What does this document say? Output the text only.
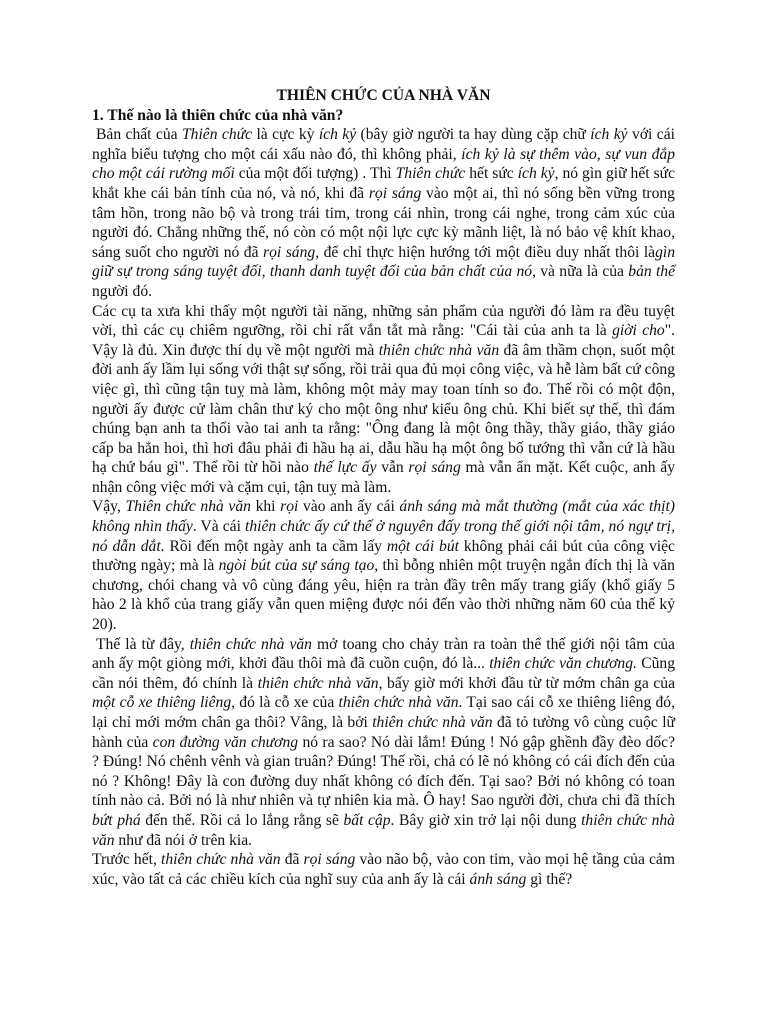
THIÊN CHỨC CỦA NHÀ VĂN
1. Thế nào là thiên chức của nhà văn?

Bản chất của Thiên chức là cực kỳ ích kỷ (bây giờ người ta hay dùng cặp chữ ích kỷ với cái nghĩa biểu tượng cho một cái xấu nào đó, thì không phải, ích kỷ là sự thêm vào, sự vun đắp cho một cái rường mối của một đối tượng) . Thì Thiên chức hết sức ích kỷ, nó gìn giữ hết sức khắt khe cái bản tính của nó, và nó, khi đã rọi sáng vào một ai, thì nó sống bền vững trong tâm hồn, trong não bộ và trong trái tim, trong cái nhìn, trong cái nghe, trong cảm xúc của người đó. Chẳng những thế, nó còn có một nội lực cực kỳ mãnh liệt, là nó bảo vệ khít khao, sáng suốt cho người nó đã rọi sáng, để chỉ thực hiện hướng tới một điều duy nhất thôi làgìn giữ sự trong sáng tuyệt đối, thanh danh tuyệt đối của bản chất của nó, và nữa là của bản thể người đó.

Các cụ ta xưa khi thấy một người tài năng, những sản phẩm của người đó làm ra đều tuyệt vời, thì các cụ chiêm ngưỡng, rồi chỉ rất vắn tắt mà rằng: "Cái tài của anh ta là giời cho". Vậy là đủ. Xin được thí dụ về một người mà thiên chức nhà văn đã âm thầm chọn, suốt một đời anh ấy lầm lụi sống với thật sự sống, rồi trải qua đủ mọi công việc, và hễ làm bất cứ công việc gì, thì cũng tận tuỵ mà làm, không một mảy may toan tính so đo. Thế rồi có một độn, người ấy được cử làm chân thư ký cho một ông như kiểu ông chủ. Khi biết sự thế, thì đám chúng bạn anh ta thổi vào tai anh ta rằng: "Ông đang là một ông thầy, thầy giáo, thầy giáo cấp ba hẳn hoi, thì hơi đâu phải đi hầu hạ ai, dẫu hầu hạ một ông bố tướng thì vẫn cứ là hầu hạ chứ báu gì". Thế rồi từ hồi nào thế lực ấy vẫn rọi sáng mà vẫn ẩn mặt. Kết cuộc, anh ấy nhận công việc mới và cặm cụi, tận tuỵ mà làm.

Vậy, Thiên chức nhà văn khi rọi vào anh ấy cái ánh sáng mà mắt thường (mắt của xác thịt) không nhìn thấy. Và cái thiên chức ấy cứ thế ở nguyên đấy trong thế giới nội tâm, nó ngự trị, nó dẫn dắt. Rồi đến một ngày anh ta cầm lấy một cái bút không phải cái bút của công việc thường ngày; mà là ngòi bút của sự sáng tạo, thì bỗng nhiên một truyện ngắn đích thị là văn chương, chói chang và vô cùng đáng yêu, hiện ra tràn đầy trên mấy trang giấy (khổ giấy 5 hào 2 là khổ của trang giấy vẫn quen miệng được nói đến vào thời những năm 60 của thế kỷ 20).

Thế là từ đây, thiên chức nhà văn mở toang cho chảy tràn ra toàn thể thế giới nội tâm của anh ấy một giòng mới, khởi đầu thôi mà đã cuồn cuộn, đó là... thiên chức văn chương. Cũng cần nói thêm, đó chính là thiên chức nhà văn, bấy giờ mới khởi đầu từ từ mớm chân ga của một cỗ xe thiêng liêng, đó là cỗ xe của thiên chức nhà văn. Tại sao cái cỗ xe thiêng liêng đó, lại chỉ mới mớm chân ga thôi? Vâng, là bởi thiên chức nhà văn đã tỏ tường vô cùng cuộc lữ hành của con đường văn chương nó ra sao? Nó dài lắm! Đúng ! Nó gập ghềnh đầy đèo dốc? ? Đúng! Nó chênh vênh và gian truân? Đúng! Thế rồi, chả có lẽ nó không có cái đích đến của nó ? Không! Đây là con đường duy nhất không có đích đến. Tại sao? Bởi nó không có toan tính nào cả. Bởi nó là như nhiên và tự nhiên kia mà. Ô hay! Sao người đời, chưa chi đã thích bứt phá đến thế. Rồi cả lo lắng rằng sẽ bất cập. Bây giờ xin trở lại nội dung thiên chức nhà văn như đã nói ở trên kia.

Trước hết, thiên chức nhà văn đã rọi sáng vào não bộ, vào con tim, vào mọi hệ tầng của cảm xúc, vào tất cả các chiều kích của nghĩ suy của anh ấy là cái ánh sáng gì thế?
